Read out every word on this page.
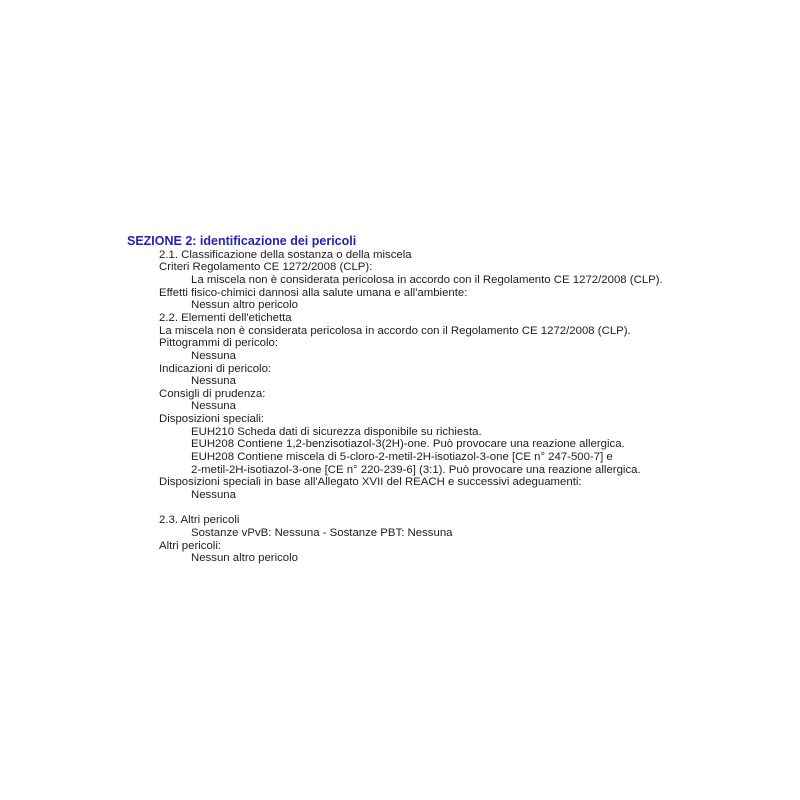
SEZIONE 2: identificazione dei pericoli
2.1. Classificazione della sostanza o della miscela
Criteri Regolamento CE 1272/2008 (CLP):
La miscela non è considerata pericolosa in accordo con il Regolamento CE 1272/2008 (CLP).
Effetti fisico-chimici dannosi alla salute umana e all'ambiente:
Nessun altro pericolo
2.2. Elementi dell'etichetta
La miscela non è considerata pericolosa in accordo con il Regolamento CE 1272/2008 (CLP).
Pittogrammi di pericolo:
Nessuna
Indicazioni di pericolo:
Nessuna
Consigli di prudenza:
Nessuna
Disposizioni speciali:
EUH210 Scheda dati di sicurezza disponibile su richiesta.
EUH208 Contiene 1,2-benzisotiazol-3(2H)-one. Può provocare una reazione allergica.
EUH208 Contiene miscela di 5-cloro-2-metil-2H-isotiazol-3-one [CE n° 247-500-7] e
2-metil-2H-isotiazol-3-one [CE n° 220-239-6] (3:1). Può provocare una reazione allergica.
Disposizioni speciali in base all'Allegato XVII del REACH e successivi adeguamenti:
Nessuna
2.3. Altri pericoli
Sostanze vPvB: Nessuna - Sostanze PBT: Nessuna
Altri pericoli:
Nessun altro pericolo
